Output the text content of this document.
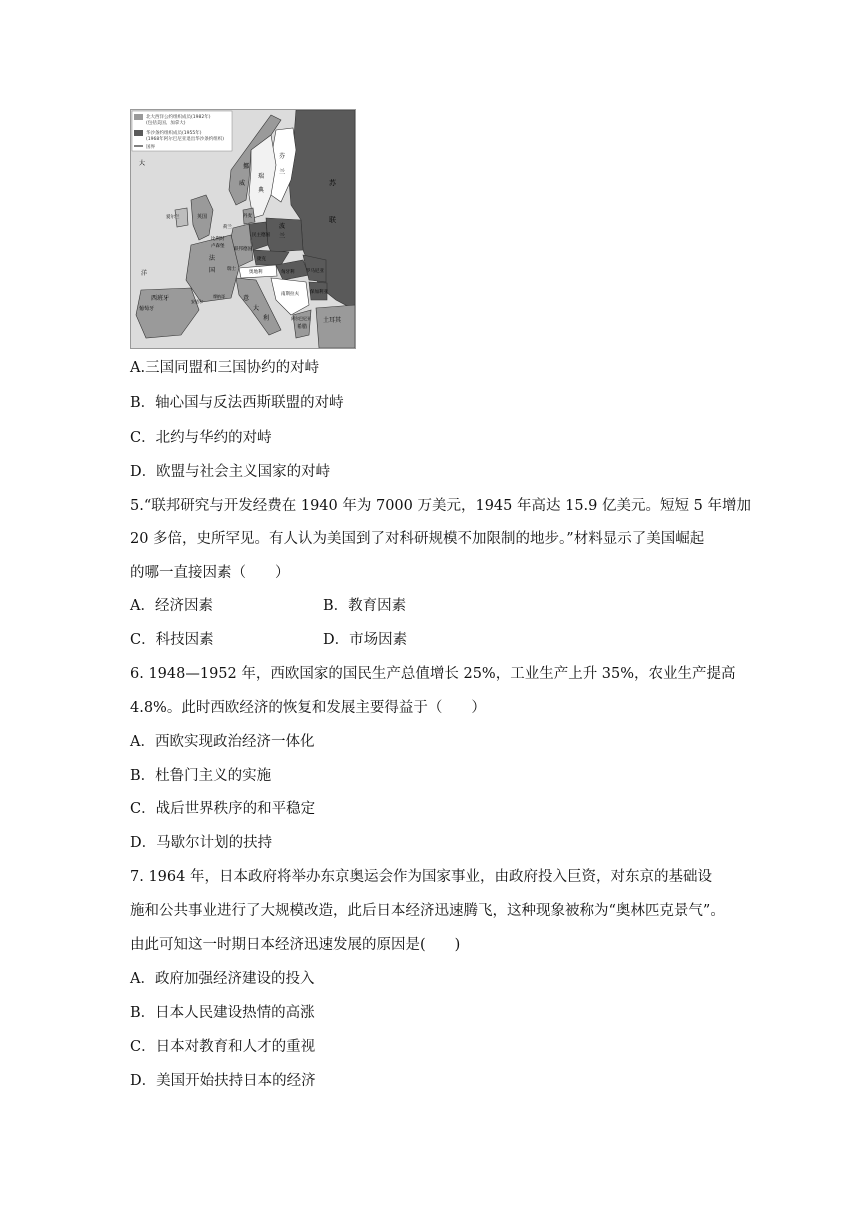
北大西洋公约组织成员(1982年)
(包括美国、加拿大)
华沙条约组织成员(1955年)
(1968年阿尔巴尼亚退出华沙条约组织)
国界
大	挪
瑞
芬
威
典
兰
苏
联
丹麦
爱尔兰	英国
荷兰
比利时
卢森堡
民主德国
联邦德国
波
兰
法
国
捷克
奥地利	匈牙利
瑞士	罗马尼亚
保加利亚
葡萄牙
西班牙	意
大
利
南斯拉夫
阿尔巴尼亚
希腊
土耳其
洋
安道尔
摩纳哥
A.三国同盟和三国协约的对峙
B．轴心国与反法西斯联盟的对峙
C．北约与华约的对峙
D．欧盟与社会主义国家的对峙
5.“联邦研究与开发经费在 1940 年为 7000 万美元，1945 年高达 15.9 亿美元。短短 5 年增加
20 多倍，史所罕见。有人认为美国到了对科研规模不加限制的地步。”材料显示了美国崛起
的哪一直接因素（　　）
A．经济因素	B．教育因素
C．科技因素	D．市场因素
6. 1948—1952 年，西欧国家的国民生产总值增长 25%，工业生产上升 35%，农业生产提高
4.8%。此时西欧经济的恢复和发展主要得益于（　　）
A．西欧实现政治经济一体化
B．杜鲁门主义的实施
C．战后世界秩序的和平稳定
D．马歇尔计划的扶持
7. 1964 年，日本政府将举办东京奥运会作为国家事业，由政府投入巨资，对东京的基础设
施和公共事业进行了大规模改造，此后日本经济迅速腾飞，这种现象被称为“奥林匹克景气”。
由此可知这一时期日本经济迅速发展的原因是(　　)
A．政府加强经济建设的投入
B．日本人民建设热情的高涨
C．日本对教育和人才的重视
D．美国开始扶持日本的经济
